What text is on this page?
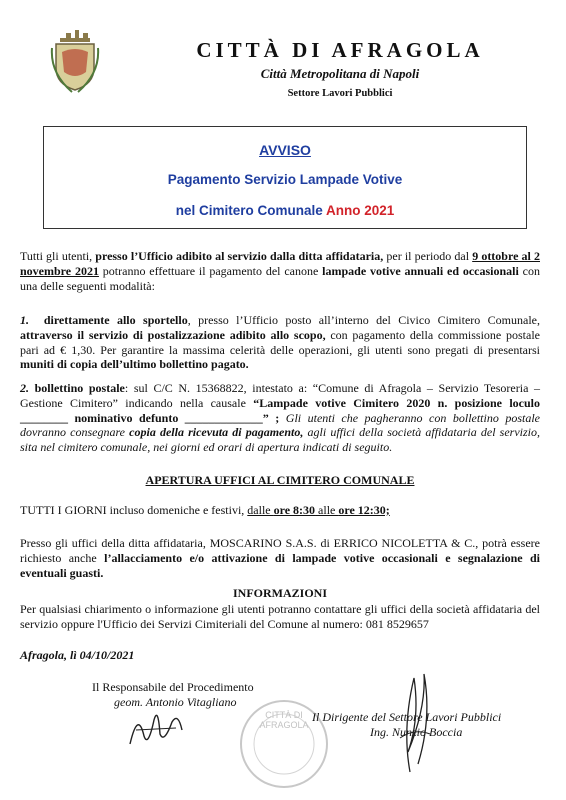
CITTÀ DI AFRAGOLA
Città Metropolitana di Napoli
Settore Lavori Pubblici
AVVISO
Pagamento Servizio Lampade Votive
nel Cimitero Comunale Anno 2021

Tutti gli utenti, presso l’Ufficio adibito al servizio dalla ditta affidataria, per il periodo dal 9 ottobre al 2 novembre 2021 potranno effettuare il pagamento del canone lampade votive annuali ed occasionali con una delle seguenti modalità:

1. direttamente allo sportello, presso l’Ufficio posto all’interno del Civico Cimitero Comunale, attraverso il servizio di postalizzazione adibito allo scopo, con pagamento della commissione postale pari ad € 1,30. Per garantire la massima celerità delle operazioni, gli utenti sono pregati di presentarsi muniti di copia dell’ultimo bollettino pagato.

2. bollettino postale: sul C/C N. 15368822, intestato a: “Comune di Afragola – Servizio Tesoreria – Gestione Cimitero” indicando nella causale “Lampade votive Cimitero 2020 n. posizione loculo ________ nominativo defunto _____________” ; Gli utenti che pagheranno con bollettino postale dovranno consegnare copia della ricevuta di pagamento, agli uffici della società affidataria del servizio, sita nel cimitero comunale, nei giorni ed orari di apertura indicati di seguito.

APERTURA UFFICI AL CIMITERO COMUNALE

TUTTI I GIORNI incluso domeniche e festivi, dalle ore 8:30 alle ore 12:30;

Presso gli uffici della ditta affidataria, MOSCARINO S.A.S. di ERRICO NICOLETTA & C., potrà essere richiesto anche l’allacciamento e/o attivazione di lampade votive occasionali e segnalazione di eventuali guasti.

INFORMAZIONI

Per qualsiasi chiarimento o informazione gli utenti potranno contattare gli uffici della società affidataria del servizio oppure l'Ufficio dei Servizi Cimiteriali del Comune al numero: 081 8529657

Afragola, lì 04/10/2021

CITTÀ DI AFRAGOLA
Il Responsabile del Procedimento
geom. Antonio Vitagliano
Il Dirigente del Settore Lavori Pubblici
Ing. Nunzio Boccia
